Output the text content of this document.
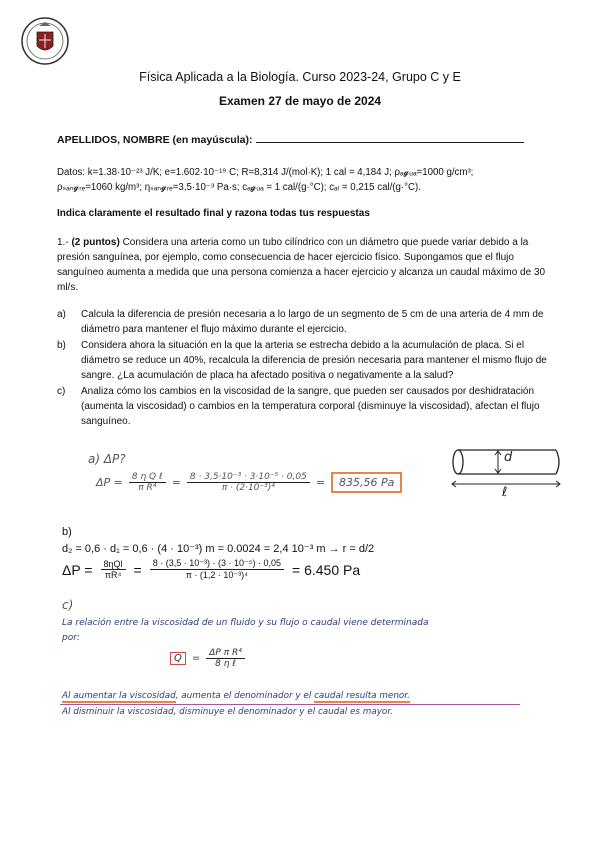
Física Aplicada a la Biología. Curso 2023-24, Grupo C y E
Examen 27 de mayo de 2024
APELLIDOS, NOMBRE (en mayúscula):
Datos: k=1.38·10⁻²³ J/K; e=1.602·10⁻¹⁹ C; R=8,314 J/(mol·K); 1 cal = 4,184 J; ρₐ𝓰ᵤₐ=1000 g/cm³;
ρₛₐₙ𝓰ᵣₑ=1060 kg/m³; ηₛₐₙ𝓰ᵣₑ=3,5·10⁻³ Pa·s; cₐ𝓰ᵤₐ = 1 cal/(g·°C); cₐₗ = 0,215 cal/(g·°C).
Indica claramente el resultado final y razona todas tus respuestas
1.- (2 puntos) Considera una arteria como un tubo cilíndrico con un diámetro que puede variar debido a la presión sanguínea, por ejemplo, como consecuencia de hacer ejercicio físico. Supongamos que el flujo sanguíneo aumenta a medida que una persona comienza a hacer ejercicio y alcanza un caudal máximo de 30 ml/s.
a)	Calcula la diferencia de presión necesaria a lo largo de un segmento de 5 cm de una arteria de 4 mm de diámetro para mantener el flujo máximo durante el ejercicio.
b)	Considera ahora la situación en la que la arteria se estrecha debido a la acumulación de placa. Si el diámetro se reduce un 40%, recalcula la diferencia de presión necesaria para mantener el mismo flujo de sangre. ¿La acumulación de placa ha afectado positiva o negativamente a la salud?
c)	Analiza cómo los cambios en la viscosidad de la sangre, que pueden ser causados por deshidratación (aumenta la viscosidad) o cambios en la temperatura corporal (disminuye la viscosidad), afectan el flujo sanguíneo.
a) ΔP?
$\Delta P = \frac{\text{8 η Q ℓ}}{\text{π R⁴}} = \frac{\text{8 · 3,5·10⁻³ · 3·10⁻⁵ · 0,05}}{\text{π · (2·10⁻³)⁴}}$ =	835,56 Pa
d
ℓ
b)
d₂ = 0,6 · d₁ = 0,6 · (4 · 10⁻³) m = 0.0024 = 2,4 10⁻³ m → r = d/2
$\Delta P = \frac{\text{8ηQl}}{\text{πR⁴}} = \frac{\text{8 · (3,5 · 10⁻³) · (3 · 10⁻⁵) · 0,05}}{\text{π · (1,2 · 10⁻³)⁴}} = 6.450$ Pa
c)
La relación entre la viscosidad de un fluido y su flujo o caudal viene determinada
por:
Q	= $\frac{\text{ΔP π R⁴}}{\text{8 η ℓ}}$
Al aumentar la viscosidad, aumenta el denominador y el caudal resulta menor.
Al disminuir la viscosidad, disminuye el denominador y el caudal es mayor.
